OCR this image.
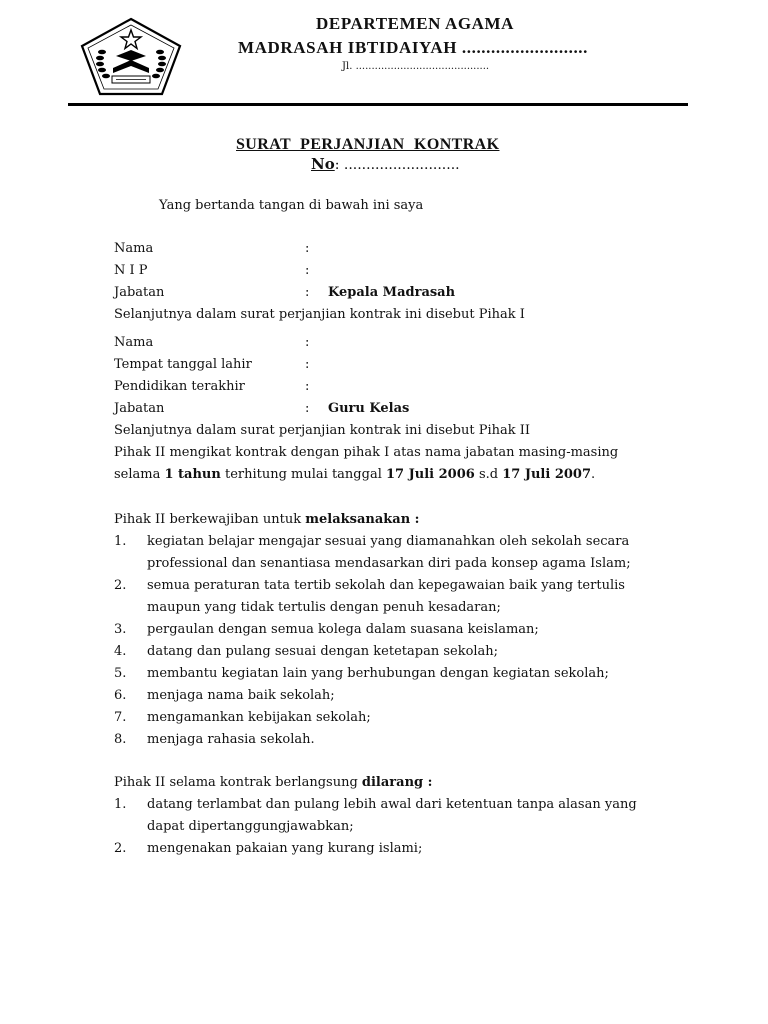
DEPARTEMEN AGAMA
MADRASAH IBTIDAIYAH ..........................
Jl. ..........................................
SURAT PERJANJIAN KONTRAK
No: ..........................
Yang bertanda tangan di bawah ini saya
Nama	:
N I P	:
Jabatan	: Kepala Madrasah
Selanjutnya dalam surat perjanjian kontrak ini disebut Pihak I
Nama	:
Tempat tanggal lahir	:
Pendidikan terakhir	:
Jabatan	: Guru Kelas
Selanjutnya dalam surat perjanjian kontrak ini disebut Pihak II
Pihak II mengikat kontrak dengan pihak I atas nama jabatan masing-masing
selama 1 tahun terhitung mulai tanggal 17 Juli 2006 s.d 17 Juli 2007.
Pihak II berkewajiban untuk melaksanakan :
1. kegiatan belajar mengajar sesuai yang diamanahkan oleh sekolah secara
professional dan senantiasa mendasarkan diri pada konsep agama Islam;
2. semua peraturan tata tertib sekolah dan kepegawaian baik yang tertulis
maupun yang tidak tertulis dengan penuh kesadaran;
3. pergaulan dengan semua kolega dalam suasana keislaman;
4. datang dan pulang sesuai dengan ketetapan sekolah;
5. membantu kegiatan lain yang berhubungan dengan kegiatan sekolah;
6. menjaga nama baik sekolah;
7. mengamankan kebijakan sekolah;
8. menjaga rahasia sekolah.
Pihak II selama kontrak berlangsung dilarang :
1. datang terlambat dan pulang lebih awal dari ketentuan tanpa alasan yang
dapat dipertanggungjawabkan;
2. mengenakan pakaian yang kurang islami;
